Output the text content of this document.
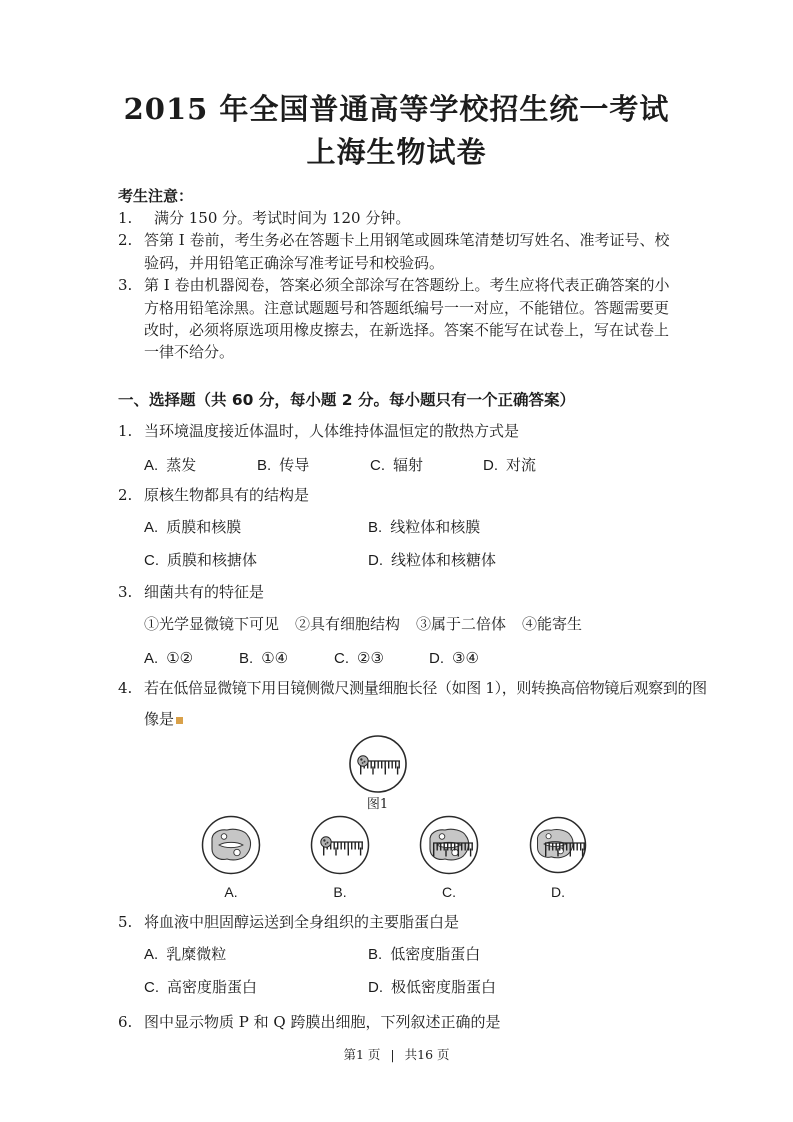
2015 年全国普通高等学校招生统一考试
上海生物试卷
考生注意：
1.	满分 150 分。考试时间为 120 分钟。
2. 答第 I 卷前，考生务必在答题卡上用钢笔或圆珠笔清楚切写姓名、准考证号、校验码，并用铅笔正确涂写准考证号和校验码。
3. 第 I 卷由机器阅卷，答案必须全部涂写在答题纷上。考生应将代表正确答案的小方格用铅笔涂黑。注意试题题号和答题纸编号一一对应，不能错位。答题需要更改时，必须将原选项用橡皮擦去，在新选择。答案不能写在试卷上，写在试卷上一律不给分。
一、选择题（共 60 分，每小题 2 分。每小题只有一个正确答案）
1. 当环境温度接近体温时，人体维持体温恒定的散热方式是
A. 蒸发	B. 传导	C. 辐射	D. 对流
2. 原核生物都具有的结构是
A. 质膜和核膜	B. 线粒体和核膜
C. 质膜和核搪体	D. 线粒体和核糖体
3. 细菌共有的特征是
①光学显微镜下可见 ②具有细胞结构 ③属于二倍体 ④能寄生
A. ①②	B. ①④	C. ②③	D. ③④
4. 若在低倍显微镜下用目镜侧微尺测量细胞长径（如图 1），则转换高倍物镜后观察到的图
像是
图1
A.	B.	C.	D.
5. 将血液中胆固醇运送到全身组织的主要脂蛋白是
A. 乳糜微粒	B. 低密度脂蛋白
C. 高密度脂蛋白	D. 极低密度脂蛋白
6. 图中显示物质 P 和 Q 跨膜出细胞，下列叙述正确的是
第1 页 | 共16 页
